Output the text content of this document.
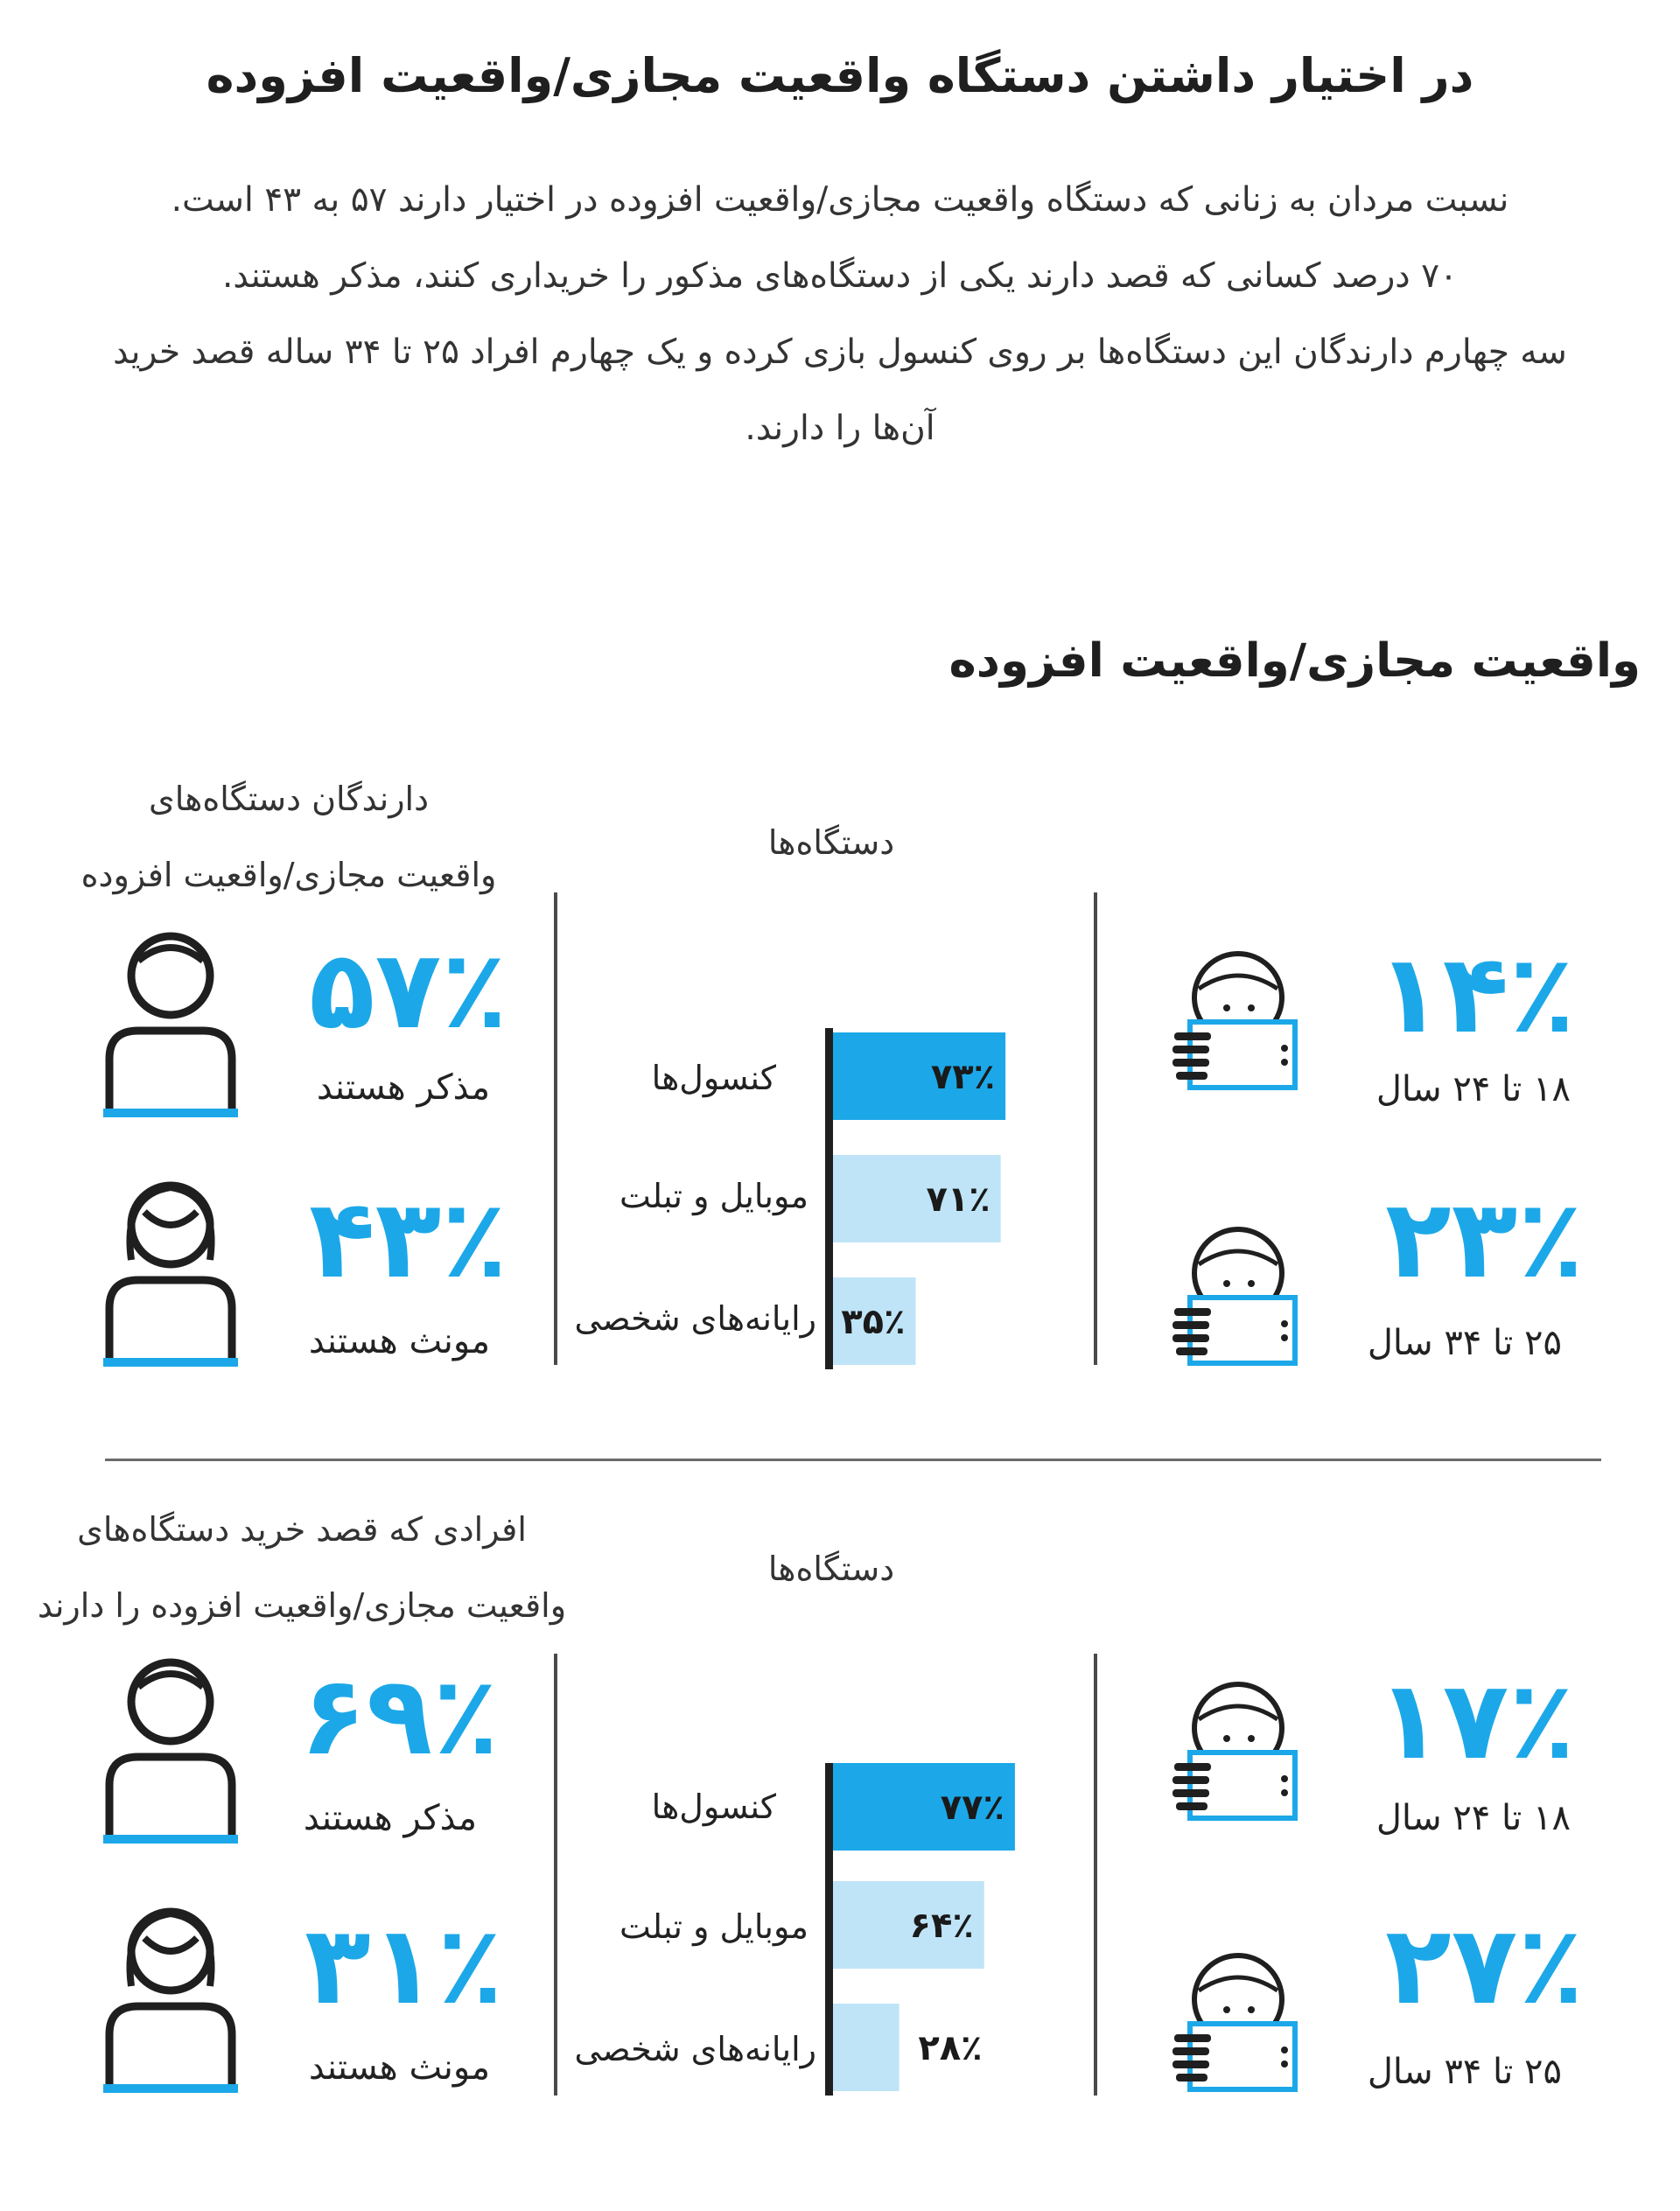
در اختیار داشتن دستگاه واقعیت مجازی/واقعیت افزوده
نسبت مردان به زنانی که دستگاه واقعیت مجازی/واقعیت افزوده در اختیار دارند ۵۷ به ۴۳ است.
۷۰ درصد کسانی که قصد دارند یکی از دستگاه‌های مذکور را خریداری کنند، مذکر هستند.
سه چهارم دارندگان این دستگاه‌ها بر روی کنسول بازی کرده و یک چهارم افراد ۲۵ تا ۳۴ ساله قصد خرید
آن‌ها را دارند.
واقعیت مجازی/واقعیت افزوده
دارندگان دستگاه‌های
واقعیت مجازی/واقعیت افزوده
دستگاه‌ها
۵۷٪
مذکر هستند
۴۳٪
مونث هستند
کنسول‌ها
موبایل و تبلت
رایانه‌های شخصی
۷۳٪
۷۱٪
۳۵٪
۱۴٪
۱۸ تا ۲۴ سال
۲۳٪
۲۵ تا ۳۴ سال
افرادی که قصد خرید دستگاه‌های
واقعیت مجازی/واقعیت افزوده را دارند
دستگاه‌ها
۶۹٪
مذکر هستند
۳۱٪
مونث هستند
کنسول‌ها
موبایل و تبلت
رایانه‌های شخصی
۷۷٪
۶۴٪
۲۸٪
۱۷٪
۱۸ تا ۲۴ سال
۲۷٪
۲۵ تا ۳۴ سال
